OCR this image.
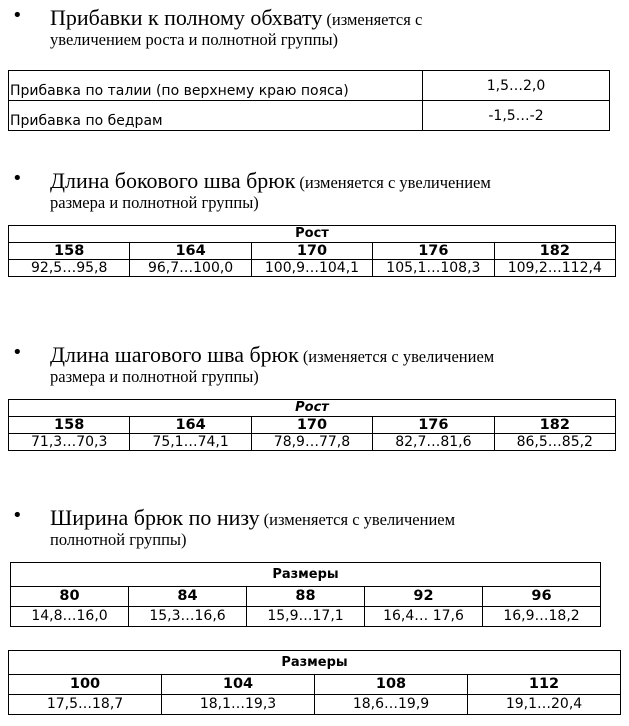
• Прибавки к полному обхвату (изменяется с
увеличением роста и полнотной группы)
Прибавка по талии (по верхнему краю пояса)	1,5…2,0
Прибавка по бедрам	-1,5…-2
• Длина бокового шва брюк (изменяется с увеличением
размера и полнотной группы)
Рост				
158	164	170	176	182
92,5…95,8	96,7…100,0	100,9…104,1	105,1…108,3	109,2…112,4
• Длина шагового шва брюк (изменяется с увеличением
размера и полнотной группы)
Рост				
158	164	170	176	182
71,3…70,3	75,1…74,1	78,9…77,8	82,7…81,6	86,5…85,2
• Ширина брюк по низу (изменяется с увеличением
полнотной группы)
Размеры				
80	84	88	92	96
14,8…16,0	15,3…16,6	15,9…17,1	16,4… 17,6	16,9…18,2
Размеры			
100	104	108	112
17,5…18,7	18,1…19,3	18,6…19,9	19,1…20,4
